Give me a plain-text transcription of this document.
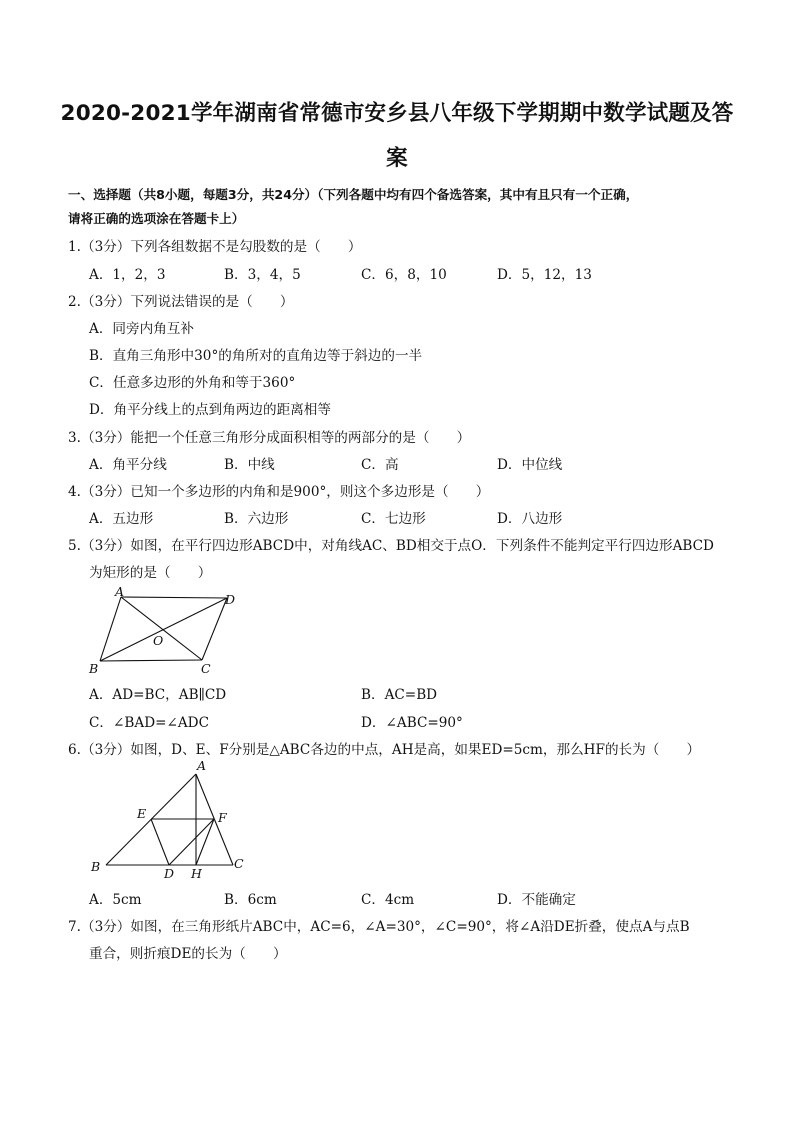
2020-2021学年湖南省常德市安乡县八年级下学期期中数学试题及答
案
一、选择题（共8小题，每题3分，共24分）（下列各题中均有四个备选答案，其中有且只有一个正确，
请将正确的选项涂在答题卡上）
1.（3分）下列各组数据不是勾股数的是（　　）
A．1，2，3	B．3，4，5	C．6，8，10	D．5，12，13
2.（3分）下列说法错误的是（　　）
A．同旁内角互补
B．直角三角形中30°的角所对的直角边等于斜边的一半
C．任意多边形的外角和等于360°
D．角平分线上的点到角两边的距离相等
3.（3分）能把一个任意三角形分成面积相等的两部分的是（　　）
A．角平分线	B．中线	C．高	D．中位线
4.（3分）已知一个多边形的内角和是900°，则这个多边形是（　　）
A．五边形	B．六边形	C．七边形	D．八边形
5.（3分）如图，在平行四边形ABCD中，对角线AC、BD相交于点O．下列条件不能判定平行四边形ABCD
为矩形的是（　　）
A
D
O
B	C
A．AD=BC，AB∥CD	B．AC=BD
C．∠BAD=∠ADC	D．∠ABC=90°
6.（3分）如图，D、E、F分别是△ABC各边的中点，AH是高，如果ED=5cm，那么HF的长为（　　）
A
E	F
B	D H
C
A．5cm	B．6cm	C．4cm	D．不能确定
7.（3分）如图，在三角形纸片ABC中，AC=6，∠A=30°，∠C=90°，将∠A沿DE折叠，使点A与点B
重合，则折痕DE的长为（　　）
